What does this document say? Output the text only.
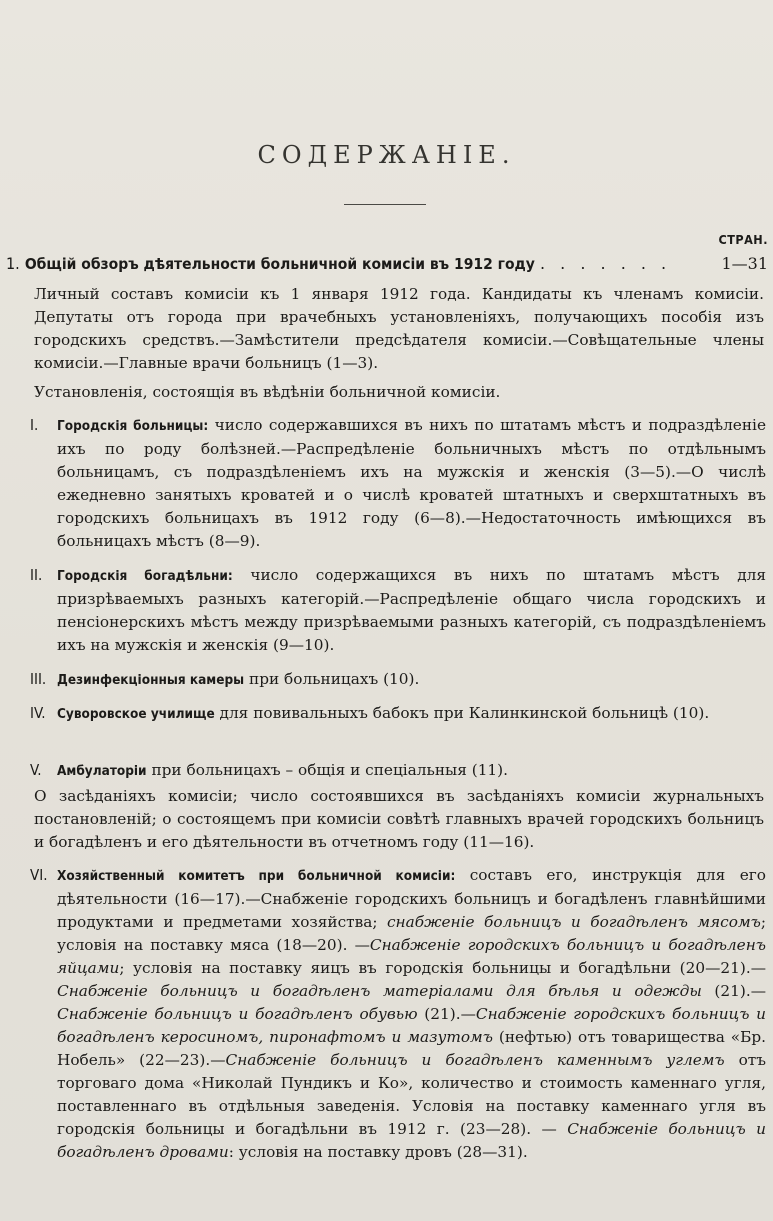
СОДЕРЖАНIЕ.
СТРАН.
1. Общiй обзоръ дѣятельности больничной комисiи въ 1912 году . . . . . . .	1—31

Личный составъ комисiи къ 1 января 1912 года. Кандидаты къ членамъ комисiи. Депутаты отъ города при врачебныхъ установленiяхъ, получающихъ пособiя изъ городскихъ средствъ.—Замѣстители предсѣдателя комисiи.—Совѣщательные члены комисiи.—Главные врачи больницъ (1—3).

Установленiя, состоящiя въ вѣдѣнiи больничной комисiи.

I. Городскiя больницы: число содержавшихся въ нихъ по штатамъ мѣстъ и подраздѣленiе ихъ по роду болѣзней.—Распредѣленiе больничныхъ мѣстъ по отдѣльнымъ больницамъ, съ подраздѣленiемъ ихъ на мужскiя и женскiя (3—5).—О числѣ ежедневно занятыхъ кроватей и о числѣ кроватей штатныхъ и сверхштатныхъ въ городскихъ больницахъ въ 1912 году (6—8).—Недостаточность имѣющихся въ больницахъ мѣстъ (8—9).
II. Городскiя богадѣльни: число содержащихся въ нихъ по штатамъ мѣстъ для призрѣваемыхъ разныхъ категорiй.—Распредѣленiе общаго числа городскихъ и пенсiонерскихъ мѣстъ между призрѣваемыми разныхъ категорiй, съ подраздѣленiемъ ихъ на мужскiя и женскiя (9—10).
III. Дезинфекцiонныя камеры при больницахъ (10).
IV. Суворовское училище для повивальныхъ бабокъ при Калинкинской больницѣ (10).
V. Амбулаторiи при больницахъ – общiя и спецiальныя (11).

О засѣданiяхъ комисiи; число состоявшихся въ засѣданiяхъ комисiи журнальныхъ постановленiй; о состоящемъ при комисiи совѣтѣ главныхъ врачей городскихъ больницъ и богадѣленъ и его дѣятельности въ отчетномъ году (11—16).

VI. Хозяйственный комитетъ при больничной комисiи: составъ его, инструкцiя для его дѣятельности (16—17).—Снабженiе городскихъ больницъ и богадѣленъ главнѣйшими продуктами и предметами хозяйства; снабженiе больницъ и богадѣленъ мясомъ; условiя на поставку мяса (18—20). —Снабженiе городскихъ больницъ и богадѣленъ яйцами; условiя на поставку яицъ въ городскiя больницы и богадѣльни (20—21).—Снабженiе больницъ и богадѣленъ матерiалами для бѣлья и одежды (21).—Снабженiе больницъ и богадѣленъ обувью (21).—Снабженiе городскихъ больницъ и богадѣленъ керосиномъ, пиронафтомъ и мазутомъ (нефтью) отъ товарищества «Бр. Нобель» (22—23).—Снабженiе больницъ и богадѣленъ каменнымъ углемъ отъ торговаго дома «Николай Пундикъ и Ко», количество и стоимость каменнаго угля, поставленнаго въ отдѣльныя заведенiя. Условiя на поставку каменнаго угля въ городскiя больницы и богадѣльни въ 1912 г. (23—28). — Снабженiе больницъ и богадѣленъ дровами: условiя на поставку дровъ (28—31).
